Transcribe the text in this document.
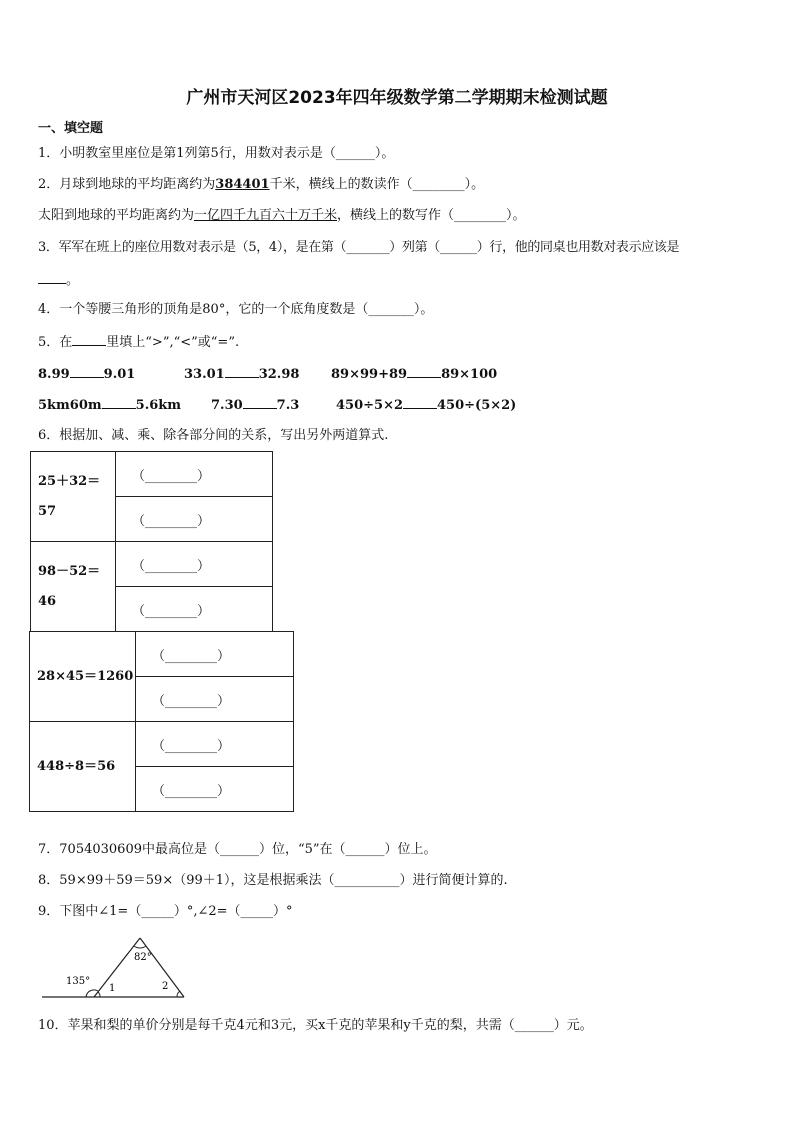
广州市天河区2023年四年级数学第二学期期末检测试题
一、填空题
1．小明教室里座位是第1列第5行，用数对表示是（______）。
2．月球到地球的平均距离约为384401千米，横线上的数读作（________）。
太阳到地球的平均距离约为一亿四千九百六十万千米，横线上的数写作（________）。
3．军军在班上的座位用数对表示是（5，4），是在第（_______）列第（______）行，他的同桌也用数对表示应该是
。
4．一个等腰三角形的顶角是80°，它的一个底角度数是（_______）。
5．在	里填上“>”,“<”或“=”.
8.99	9.01	33.01	32.98 89×99+89	89×100
5km60m	5.6km 7.30	7.3	450÷5×2	450÷(5×2)
6．根据加、减、乘、除各部分间的关系，写出另外两道算式.
25＋32＝
57	（________）
	（________）

98－52＝
46	（________）
	（________）
28×45＝1260	（________）
	（________）
448÷8＝56	（________）
	（________）
7．7054030609中最高位是（______）位，“5”在（______）位上。
8．59×99＋59＝59×（99＋1），这是根据乘法（__________）进行简便计算的.
9．下图中∠1=（_____）°,∠2=（_____）°
135°
82°
1	2
10．苹果和梨的单价分别是每千克4元和3元，买x千克的苹果和y千克的梨，共需（______）元。
